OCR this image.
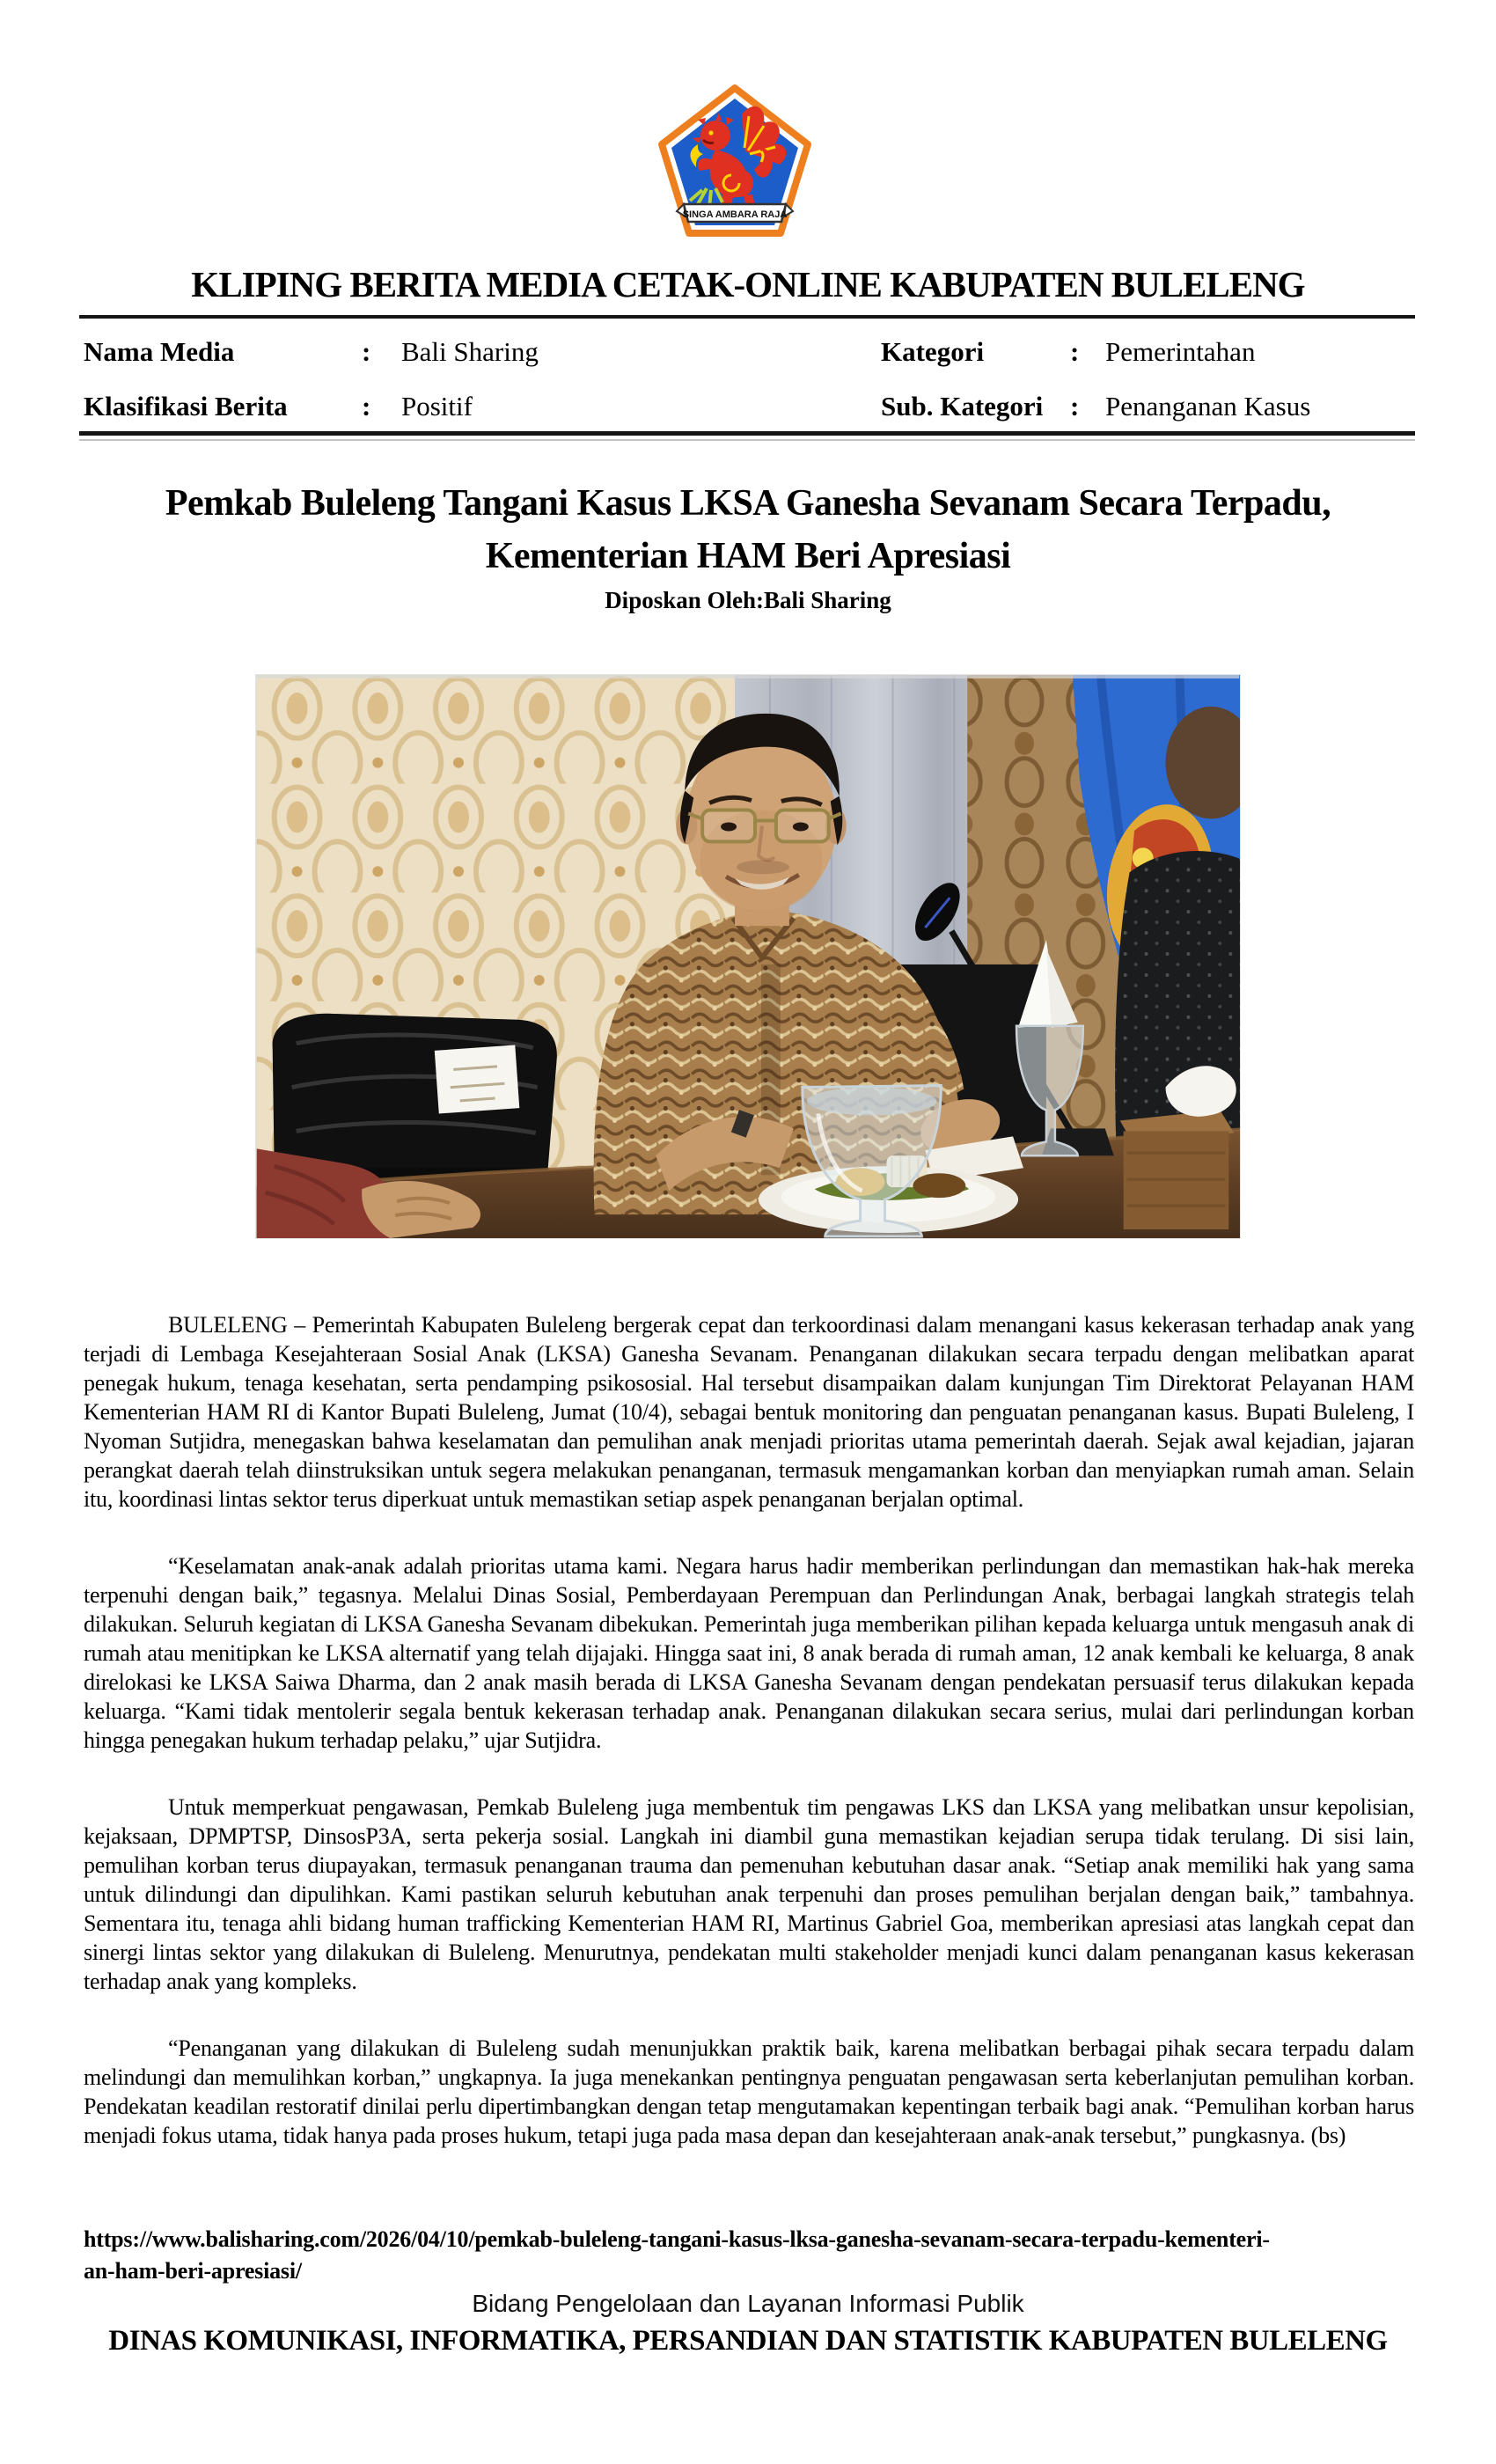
SINGA AMBARA RAJA
KLIPING BERITA MEDIA CETAK-ONLINE KABUPATEN BULELENG
Nama Media	:	Bali Sharing	Kategori	: Pemerintahan
Klasifikasi Berita	:	Positif	Sub. Kategori : Penanganan Kasus
Pemkab Buleleng Tangani Kasus LKSA Ganesha Sevanam Secara Terpadu,
Kementerian HAM Beri Apresiasi
Diposkan Oleh:Bali Sharing

BULELENG – Pemerintah Kabupaten Buleleng bergerak cepat dan terkoordinasi dalam menangani kasus kekerasan terhadap anak yang terjadi di Lembaga Kesejahteraan Sosial Anak (LKSA) Ganesha Sevanam. Penanganan dilakukan secara terpadu dengan melibatkan aparat penegak hukum, tenaga kesehatan, serta pendamping psikososial. Hal tersebut disampaikan dalam kunjungan Tim Direktorat Pelayanan HAM Kementerian HAM RI di Kantor Bupati Buleleng, Jumat (10/4), sebagai bentuk monitoring dan penguatan penanganan kasus. Bupati Buleleng, I Nyoman Sutjidra, menegaskan bahwa keselamatan dan pemulihan anak menjadi prioritas utama pemerintah daerah. Sejak awal kejadian, jajaran perangkat daerah telah diinstruksikan untuk segera melakukan penanganan, termasuk mengamankan korban dan menyiapkan rumah aman. Selain itu, koordinasi lintas sektor terus diperkuat untuk memastikan setiap aspek penanganan berjalan optimal.

“Keselamatan anak-anak adalah prioritas utama kami. Negara harus hadir memberikan perlindungan dan memastikan hak-hak mereka terpenuhi dengan baik,” tegasnya. Melalui Dinas Sosial, Pemberdayaan Perempuan dan Perlindungan Anak, berbagai langkah strategis telah dilakukan. Seluruh kegiatan di LKSA Ganesha Sevanam dibekukan. Pemerintah juga memberikan pilihan kepada keluarga untuk mengasuh anak di rumah atau menitipkan ke LKSA alternatif yang telah dijajaki. Hingga saat ini, 8 anak berada di rumah aman, 12 anak kembali ke keluarga, 8 anak direlokasi ke LKSA Saiwa Dharma, dan 2 anak masih berada di LKSA Ganesha Sevanam dengan pendekatan persuasif terus dilakukan kepada keluarga. “Kami tidak mentolerir segala bentuk kekerasan terhadap anak. Penanganan dilakukan secara serius, mulai dari perlindungan korban hingga penegakan hukum terhadap pelaku,” ujar Sutjidra.

Untuk memperkuat pengawasan, Pemkab Buleleng juga membentuk tim pengawas LKS dan LKSA yang melibatkan unsur kepolisian, kejaksaan, DPMPTSP, DinsosP3A, serta pekerja sosial. Langkah ini diambil guna memastikan kejadian serupa tidak terulang. Di sisi lain, pemulihan korban terus diupayakan, termasuk penanganan trauma dan pemenuhan kebutuhan dasar anak. “Setiap anak memiliki hak yang sama untuk dilindungi dan dipulihkan. Kami pastikan seluruh kebutuhan anak terpenuhi dan proses pemulihan berjalan dengan baik,” tambahnya. Sementara itu, tenaga ahli bidang human trafficking Kementerian HAM RI, Martinus Gabriel Goa, memberikan apresiasi atas langkah cepat dan sinergi lintas sektor yang dilakukan di Buleleng. Menurutnya, pendekatan multi stakeholder menjadi kunci dalam penanganan kasus kekerasan terhadap anak yang kompleks.

“Penanganan yang dilakukan di Buleleng sudah menunjukkan praktik baik, karena melibatkan berbagai pihak secara terpadu dalam melindungi dan memulihkan korban,” ungkapnya. Ia juga menekankan pentingnya penguatan pengawasan serta keberlanjutan pemulihan korban. Pendekatan keadilan restoratif dinilai perlu dipertimbangkan dengan tetap mengutamakan kepentingan terbaik bagi anak. “Pemulihan korban harus menjadi fokus utama, tidak hanya pada proses hukum, tetapi juga pada masa depan dan kesejahteraan anak-anak tersebut,” pungkasnya. (bs)

https://www.balisharing.com/2026/04/10/pemkab-buleleng-tangani-kasus-lksa-ganesha-sevanam-secara-terpadu-kementeri-
an-ham-beri-apresiasi/
Bidang Pengelolaan dan Layanan Informasi Publik
DINAS KOMUNIKASI, INFORMATIKA, PERSANDIAN DAN STATISTIK KABUPATEN BULELENG
